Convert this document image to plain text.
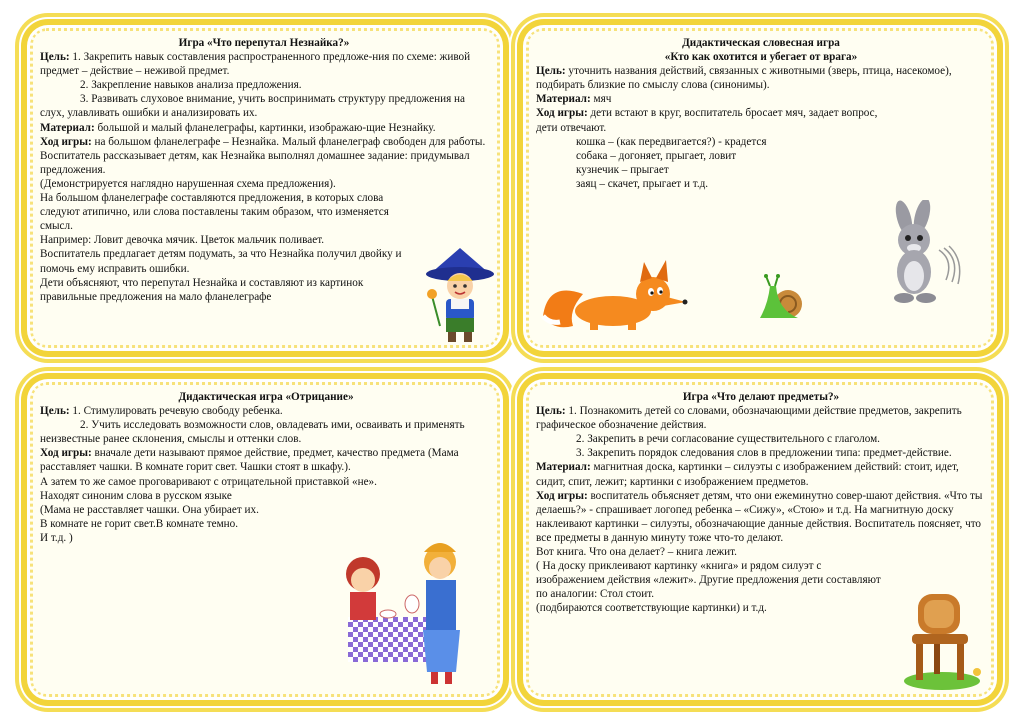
Игра «Что перепутал Незнайка?»

Цель: 1. Закрепить навык составления распространенного предложе-ния по схеме: живой предмет – действие – неживой предмет.

2. Закрепление навыков анализа предложения.

3. Развивать слуховое внимание, учить воспринимать структуру предложения на слух, улавливать ошибки и анализировать их.

Материал: большой и малый фланелеграфы, картинки, изображаю-щие Незнайку.

Ход игры: на большом фланелеграфе – Незнайка. Малый фланелеграф свободен для работы. Воспитатель рассказывает детям, как Незнайка выполнял домашнее задание: придумывал предложения.

(Демонстрируется наглядно нарушенная схема предложения).

На большом фланелеграфе составляются предложения, в которых слова следуют атипично, или слова поставлены таким образом, что изменяется смысл.

Например: Ловит девочка мячик. Цветок мальчик поливает.

Воспитатель предлагает детям подумать, за что Незнайка получил двойку и помочь ему исправить ошибки.

Дети объясняют, что перепутал Незнайка и составляют из картинок правильные предложения на мало фланелеграфе

Дидактическая словесная игра

«Кто как охотится и убегает от врага»

Цель: уточнить названия действий, связанных с животными (зверь, птица, насекомое), подбирать близкие по смыслу слова (синонимы).

Материал: мяч

Ход игры: дети встают в круг, воспитатель бросает мяч, задает вопрос, дети отвечают.

кошка – (как передвигается?) - крадется

собака – догоняет, прыгает, ловит

кузнечик – прыгает

заяц – скачет, прыгает и т.д.

Дидактическая игра «Отрицание»

Цель: 1. Стимулировать речевую свободу ребенка.

2. Учить исследовать возможности слов, овладевать ими, осваивать и применять неизвестные ранее склонения, смыслы и оттенки слов.

Ход игры: вначале дети называют прямое действие, предмет, качество предмета (Мама расставляет чашки. В комнате горит свет. Чашки стоят в шкафу.).

А затем то же самое проговаривают с отрицательной приставкой «не».

Находят синоним слова в русском языке

(Мама не расставляет чашки. Она убирает их.

В комнате не горит свет.В комнате темно.

И т.д. )

Игра «Что делают предметы?»

Цель: 1. Познакомить детей со словами, обозначающими действие предметов, закрепить графическое обозначение действия.

2. Закрепить в речи согласование существительного с глаголом.

3. Закрепить порядок следования слов в предложении типа: предмет-действие.

Материал: магнитная доска, картинки – силуэты с изображением действий: стоит, идет, сидит, спит, лежит; картинки с изображением предметов.

Ход игры: воспитатель объясняет детям, что они ежеминутно совер-шают действия. «Что ты делаешь?» - спрашивает логопед ребенка – «Сижу», «Стою» и т.д. На магнитную доску наклеивают картинки – силуэты, обозначающие данные действия. Воспитатель поясняет, что все предметы в данную минуту тоже что-то делают.

Вот книга. Что она делает? – книга лежит.

( На доску приклеивают картинку «книга» и рядом силуэт с изображением действия «лежит». Другие предложения дети составляют по аналогии: Стол стоит.

(подбираются соответствующие картинки) и т.д.
